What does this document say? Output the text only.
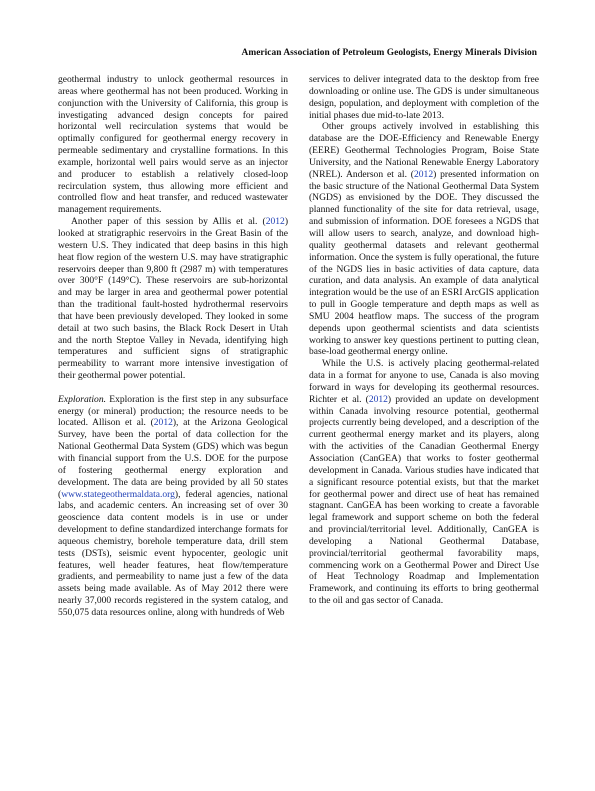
American Association of Petroleum Geologists, Energy Minerals Division

geothermal industry to unlock geothermal resources in areas where geothermal has not been produced. Working in conjunction with the University of California, this group is investigating advanced design concepts for paired horizontal well recirculation systems that would be optimally configured for geothermal energy recovery in permeable sedimentary and crystalline formations. In this example, horizontal well pairs would serve as an injector and producer to establish a relatively closed-loop recirculation system, thus allowing more efficient and controlled flow and heat transfer, and reduced wastewater management requirements.

Another paper of this session by Allis et al. (2012) looked at stratigraphic reservoirs in the Great Basin of the western U.S. They indicated that deep basins in this high heat flow region of the western U.S. may have stratigraphic reservoirs deeper than 9,800 ft (2987 m) with temperatures over 300°F (149°C). These reservoirs are sub-horizontal and may be larger in area and geothermal power potential than the traditional fault-hosted hydrothermal reservoirs that have been previously developed. They looked in some detail at two such basins, the Black Rock Desert in Utah and the north Steptoe Valley in Nevada, identifying high temperatures and sufficient signs of stratigraphic permeability to warrant more intensive investigation of their geothermal power potential.

Exploration. Exploration is the first step in any subsurface energy (or mineral) production; the resource needs to be located. Allison et al. (2012), at the Arizona Geological Survey, have been the portal of data collection for the National Geothermal Data System (GDS) which was begun with financial support from the U.S. DOE for the purpose of fostering geothermal energy exploration and development. The data are being provided by all 50 states (www.stategeothermaldata.org), federal agencies, national labs, and academic centers. An increasing set of over 30 geoscience data content models is in use or under development to define standardized interchange formats for aqueous chemistry, borehole temperature data, drill stem tests (DSTs), seismic event hypocenter, geologic unit features, well header features, heat flow/temperature gradients, and permeability to name just a few of the data assets being made available. As of May 2012 there were nearly 37,000 records registered in the system catalog, and 550,075 data resources online, along with hundreds of Web

services to deliver integrated data to the desktop from free downloading or online use. The GDS is under simultaneous design, population, and deployment with completion of the initial phases due mid-to-late 2013.

Other groups actively involved in establishing this database are the DOE-Efficiency and Renewable Energy (EERE) Geothermal Technologies Program, Boise State University, and the National Renewable Energy Laboratory (NREL). Anderson et al. (2012) presented information on the basic structure of the National Geothermal Data System (NGDS) as envisioned by the DOE. They discussed the planned functionality of the site for data retrieval, usage, and submission of information. DOE foresees a NGDS that will allow users to search, analyze, and download high-quality geothermal datasets and relevant geothermal information. Once the system is fully operational, the future of the NGDS lies in basic activities of data capture, data curation, and data analysis. An example of data analytical integration would be the use of an ESRI ArcGIS application to pull in Google temperature and depth maps as well as SMU 2004 heatflow maps. The success of the program depends upon geothermal scientists and data scientists working to answer key questions pertinent to putting clean, base-load geothermal energy online.

While the U.S. is actively placing geothermal-related data in a format for anyone to use, Canada is also moving forward in ways for developing its geothermal resources. Richter et al. (2012) provided an update on development within Canada involving resource potential, geothermal projects currently being developed, and a description of the current geothermal energy market and its players, along with the activities of the Canadian Geothermal Energy Association (CanGEA) that works to foster geothermal development in Canada. Various studies have indicated that a significant resource potential exists, but that the market for geothermal power and direct use of heat has remained stagnant. CanGEA has been working to create a favorable legal framework and support scheme on both the federal and provincial/territorial level. Additionally, CanGEA is developing a National Geothermal Database, provincial/territorial geothermal favorability maps, commencing work on a Geothermal Power and Direct Use of Heat Technology Roadmap and Implementation Framework, and continuing its efforts to bring geothermal to the oil and gas sector of Canada.
